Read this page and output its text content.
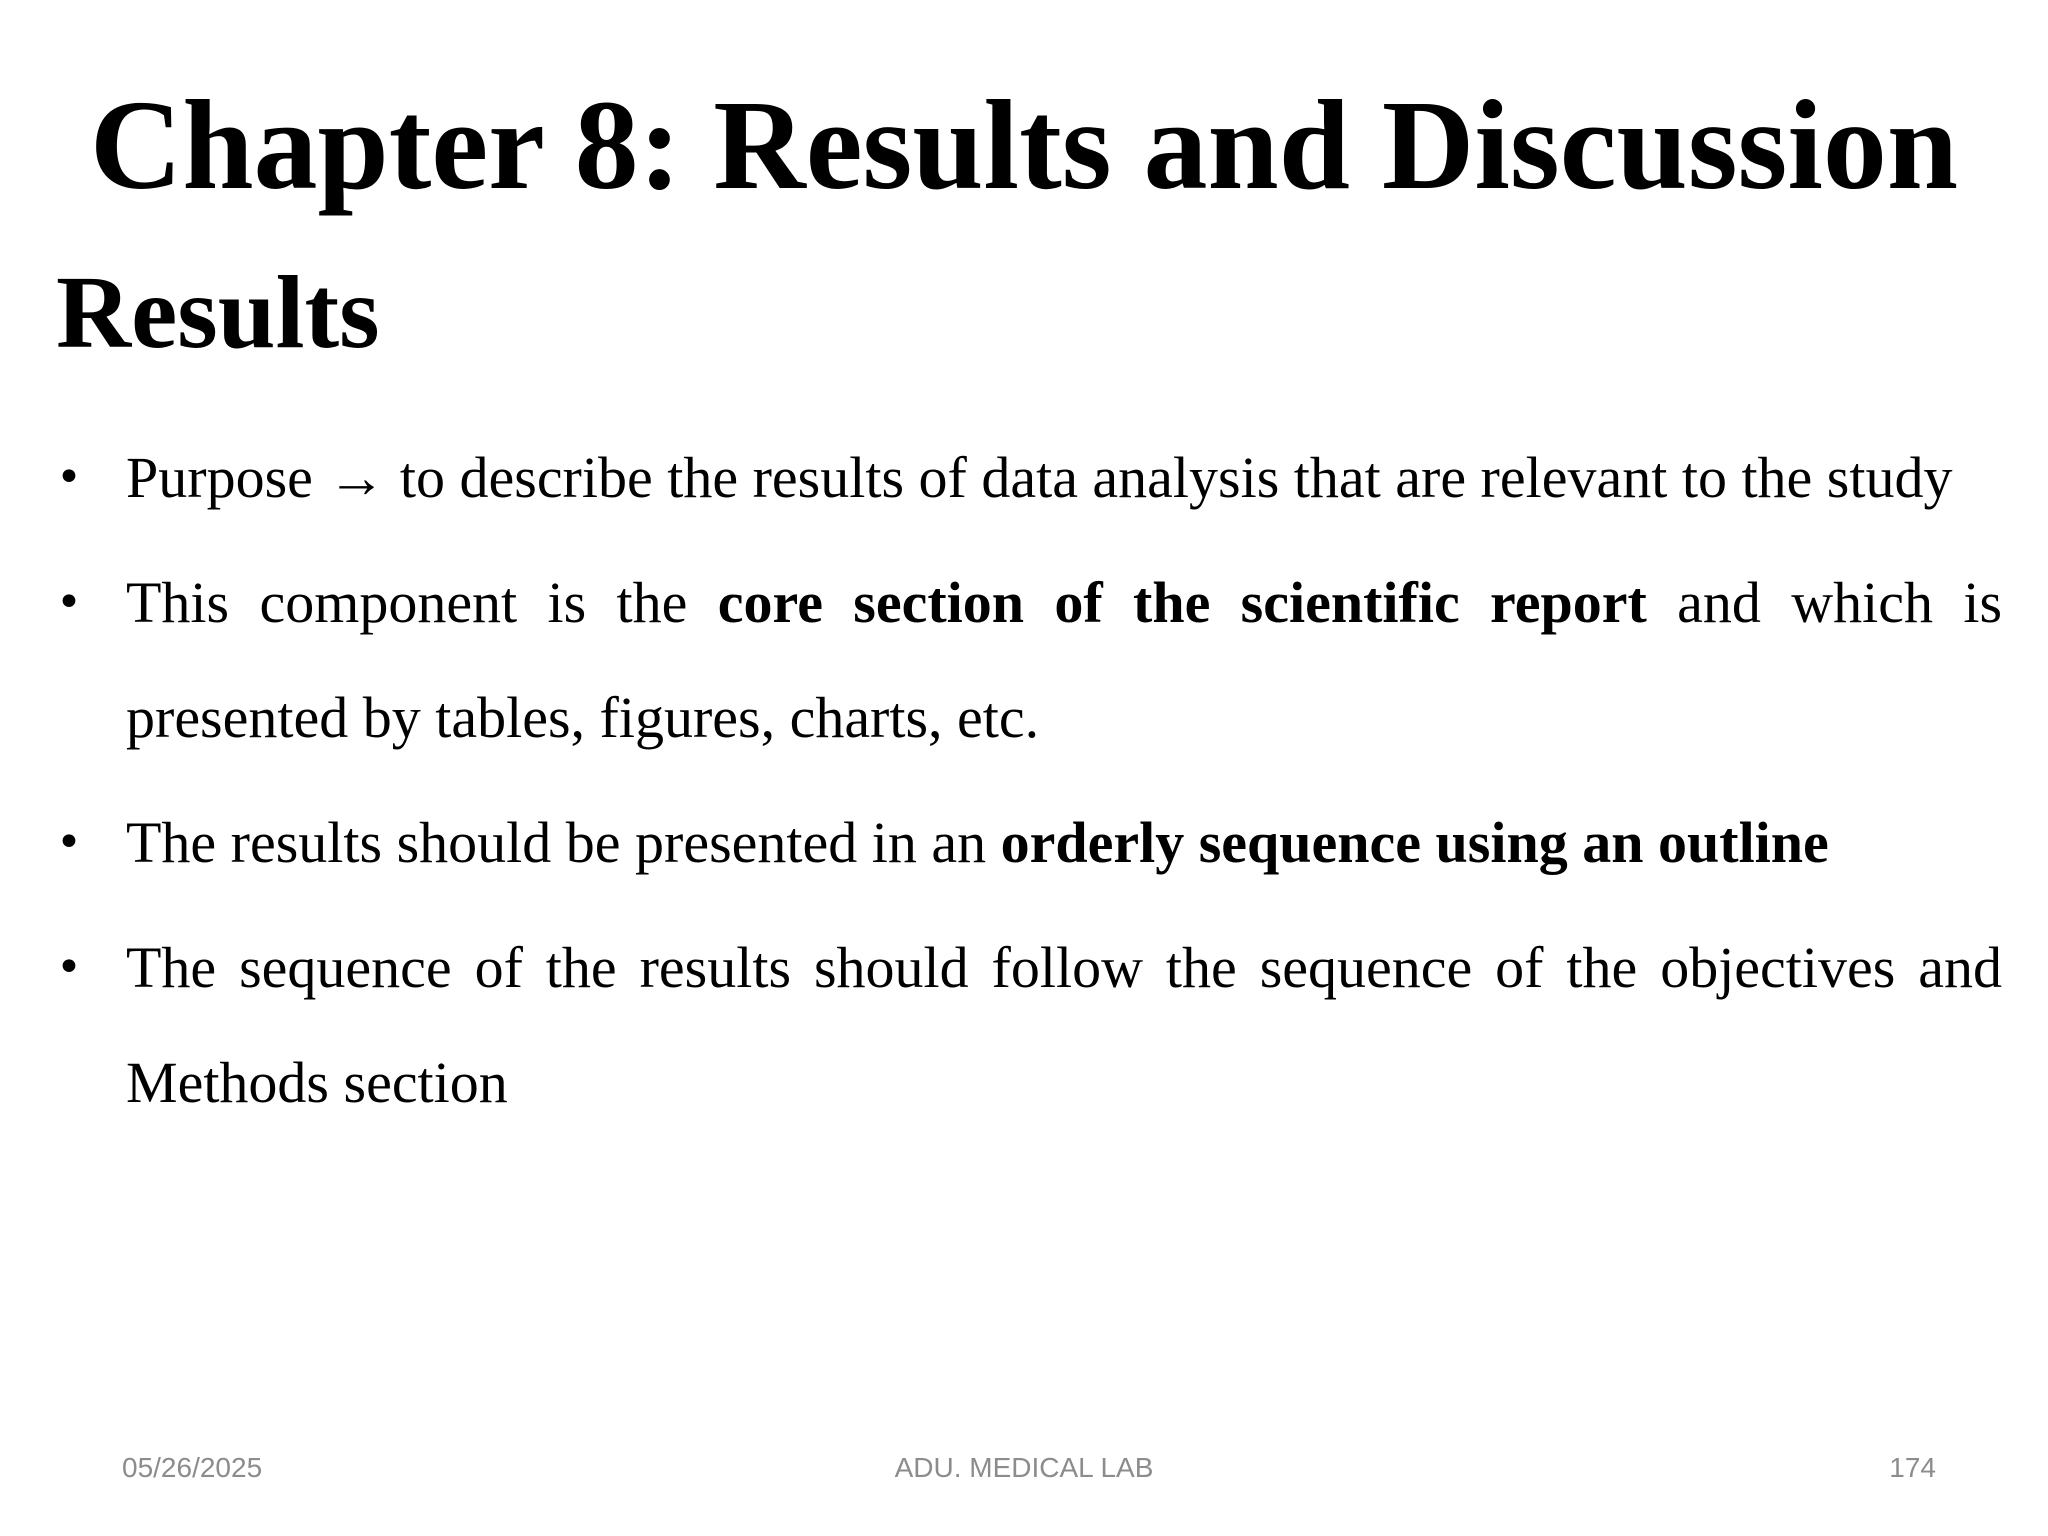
Chapter 8: Results and Discussion
Results
• Purpose → to describe the results of data analysis that are relevant to the study
• This component is the core section of the scientific report and which is presented by tables, figures, charts, etc.
• The results should be presented in an orderly sequence using an outline
• The sequence of the results should follow the sequence of the objectives and Methods section
05/26/2025	ADU. MEDICAL LAB	174
